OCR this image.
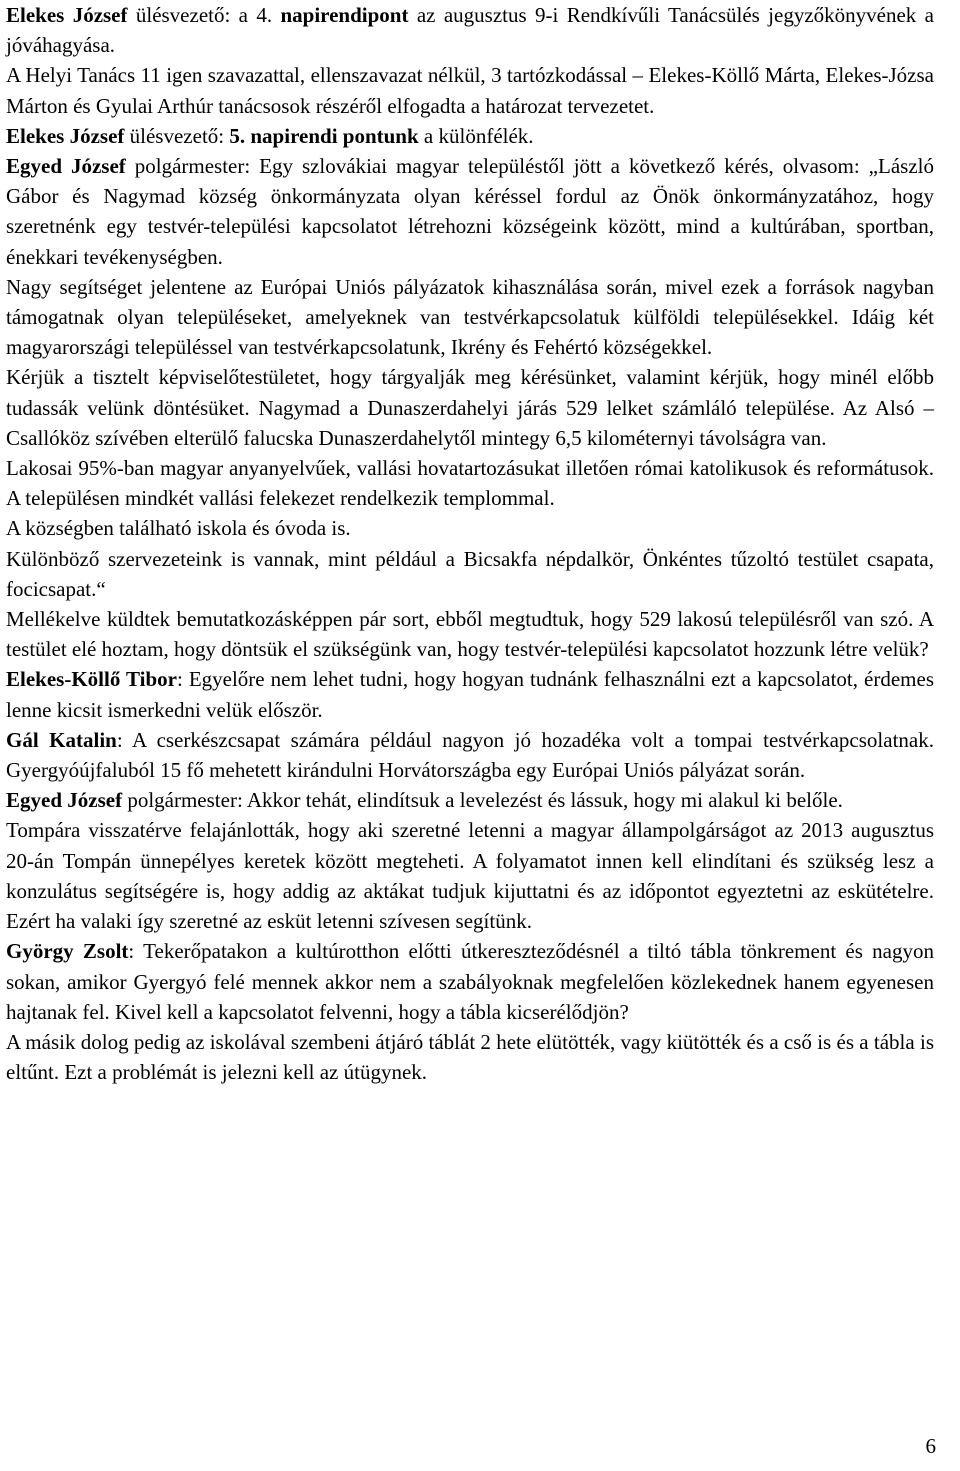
Elekes József ülésvezető: a 4. napirendipont az augusztus 9-i Rendkívűli Tanácsülés jegyzőkönyvének a jóváhagyása.

A Helyi Tanács 11 igen szavazattal, ellenszavazat nélkül, 3 tartózkodással – Elekes-Köllő Márta, Elekes-Józsa Márton és Gyulai Arthúr tanácsosok részéről elfogadta a határozat tervezetet.

Elekes József ülésvezető: 5. napirendi pontunk a különfélék.

Egyed József polgármester: Egy szlovákiai magyar településtől jött a következő kérés, olvasom: „László Gábor és Nagymad község önkormányzata olyan kéréssel fordul az Önök önkormányzatához, hogy szeretnénk egy testvér-települési kapcsolatot létrehozni községeink között, mind a kultúrában, sportban, énekkari tevékenységben.

Nagy segítséget jelentene az Európai Uniós pályázatok kihasználása során, mivel ezek a források nagyban támogatnak olyan településeket, amelyeknek van testvérkapcsolatuk külföldi településekkel. Idáig két magyarországi településsel van testvérkapcsolatunk, Ikrény és Fehértó községekkel.

Kérjük a tisztelt képviselőtestületet, hogy tárgyalják meg kérésünket, valamint kérjük, hogy minél előbb tudassák velünk döntésüket. Nagymad a Dunaszerdahelyi járás 529 lelket számláló települése. Az Alsó – Csallóköz szívében elterülő falucska Dunaszerdahelytől mintegy 6,5 kilométernyi távolságra van.

Lakosai 95%-ban magyar anyanyelvűek, vallási hovatartozásukat illetően római katolikusok és reformátusok. A településen mindkét vallási felekezet rendelkezik templommal.

A községben található iskola és óvoda is.

Különböző szervezeteink is vannak, mint például a Bicsakfa népdalkör, Önkéntes tűzoltó testület csapata, focicsapat.“

Mellékelve küldtek bemutatkozásképpen pár sort, ebből megtudtuk, hogy 529 lakosú településről van szó. A testület elé hoztam, hogy döntsük el szükségünk van, hogy testvér-települési kapcsolatot hozzunk létre velük?

Elekes-Köllő Tibor: Egyelőre nem lehet tudni, hogy hogyan tudnánk felhasználni ezt a kapcsolatot, érdemes lenne kicsit ismerkedni velük először.

Gál Katalin: A cserkészcsapat számára például nagyon jó hozadéka volt a tompai testvérkapcsolatnak. Gyergyóújfaluból 15 fő mehetett kirándulni Horvátországba egy Európai Uniós pályázat során.

Egyed József polgármester: Akkor tehát, elindítsuk a levelezést és lássuk, hogy mi alakul ki belőle.

Tompára visszatérve felajánlották, hogy aki szeretné letenni a magyar állampolgárságot az 2013 augusztus 20-án Tompán ünnepélyes keretek között megteheti. A folyamatot innen kell elindítani és szükség lesz a konzulátus segítségére is, hogy addig az aktákat tudjuk kijuttatni és az időpontot egyeztetni az eskütételre. Ezért ha valaki így szeretné az esküt letenni szívesen segítünk.

György Zsolt: Tekerőpatakon a kultúrotthon előtti útkereszteződésnél a tiltó tábla tönkrement és nagyon sokan, amikor Gyergyó felé mennek akkor nem a szabályoknak megfelelően közlekednek hanem egyenesen hajtanak fel. Kivel kell a kapcsolatot felvenni, hogy a tábla kicserélődjön?

A másik dolog pedig az iskolával szembeni átjáró táblát 2 hete elütötték, vagy kiütötték és a cső is és a tábla is eltűnt. Ezt a problémát is jelezni kell az útügynek.

6
